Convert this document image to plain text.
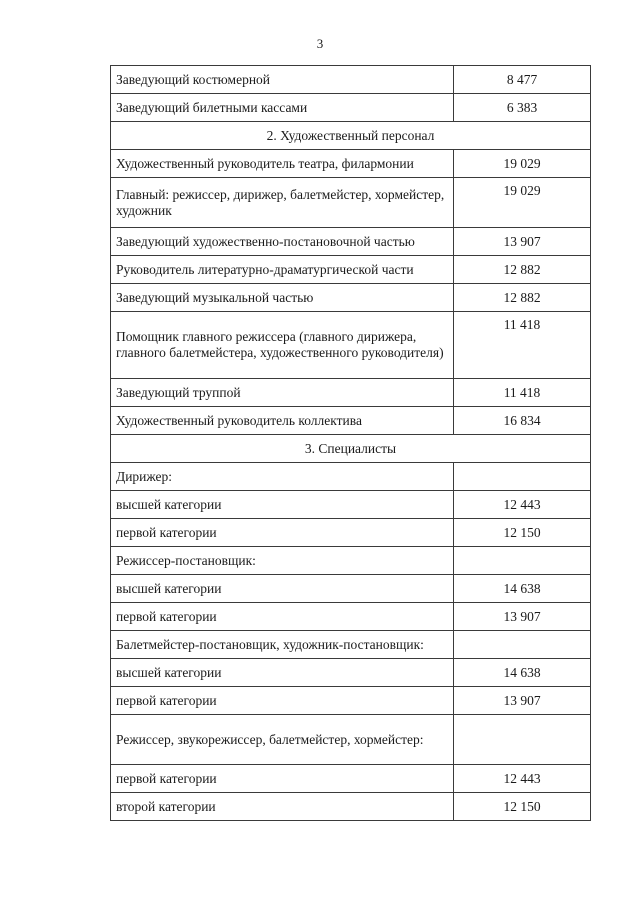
3
Заведующий костюмерной	8 477
Заведующий билетными кассами	6 383
2. Художественный персонал	
Художественный руководитель театра, филармонии	19 029
Главный: режиссер, дирижер, балетмейстер, хормейстер, художник	19 029
Заведующий художественно-постановочной частью	13 907
Руководитель литературно-драматургической части	12 882
Заведующий музыкальной частью	12 882
Помощник главного режиссера (главного дирижера, главного балетмейстера, художественного руководителя)	11 418
Заведующий труппой	11 418
Художественный руководитель коллектива	16 834
3. Специалисты	
Дирижер:	
высшей категории	12 443
первой категории	12 150
Режиссер-постановщик:	
высшей категории	14 638
первой категории	13 907
Балетмейстер-постановщик, художник-постановщик:	
высшей категории	14 638
первой категории	13 907
Режиссер, звукорежиссер, балетмейстер, хормейстер:	
первой категории	12 443
второй категории	12 150
